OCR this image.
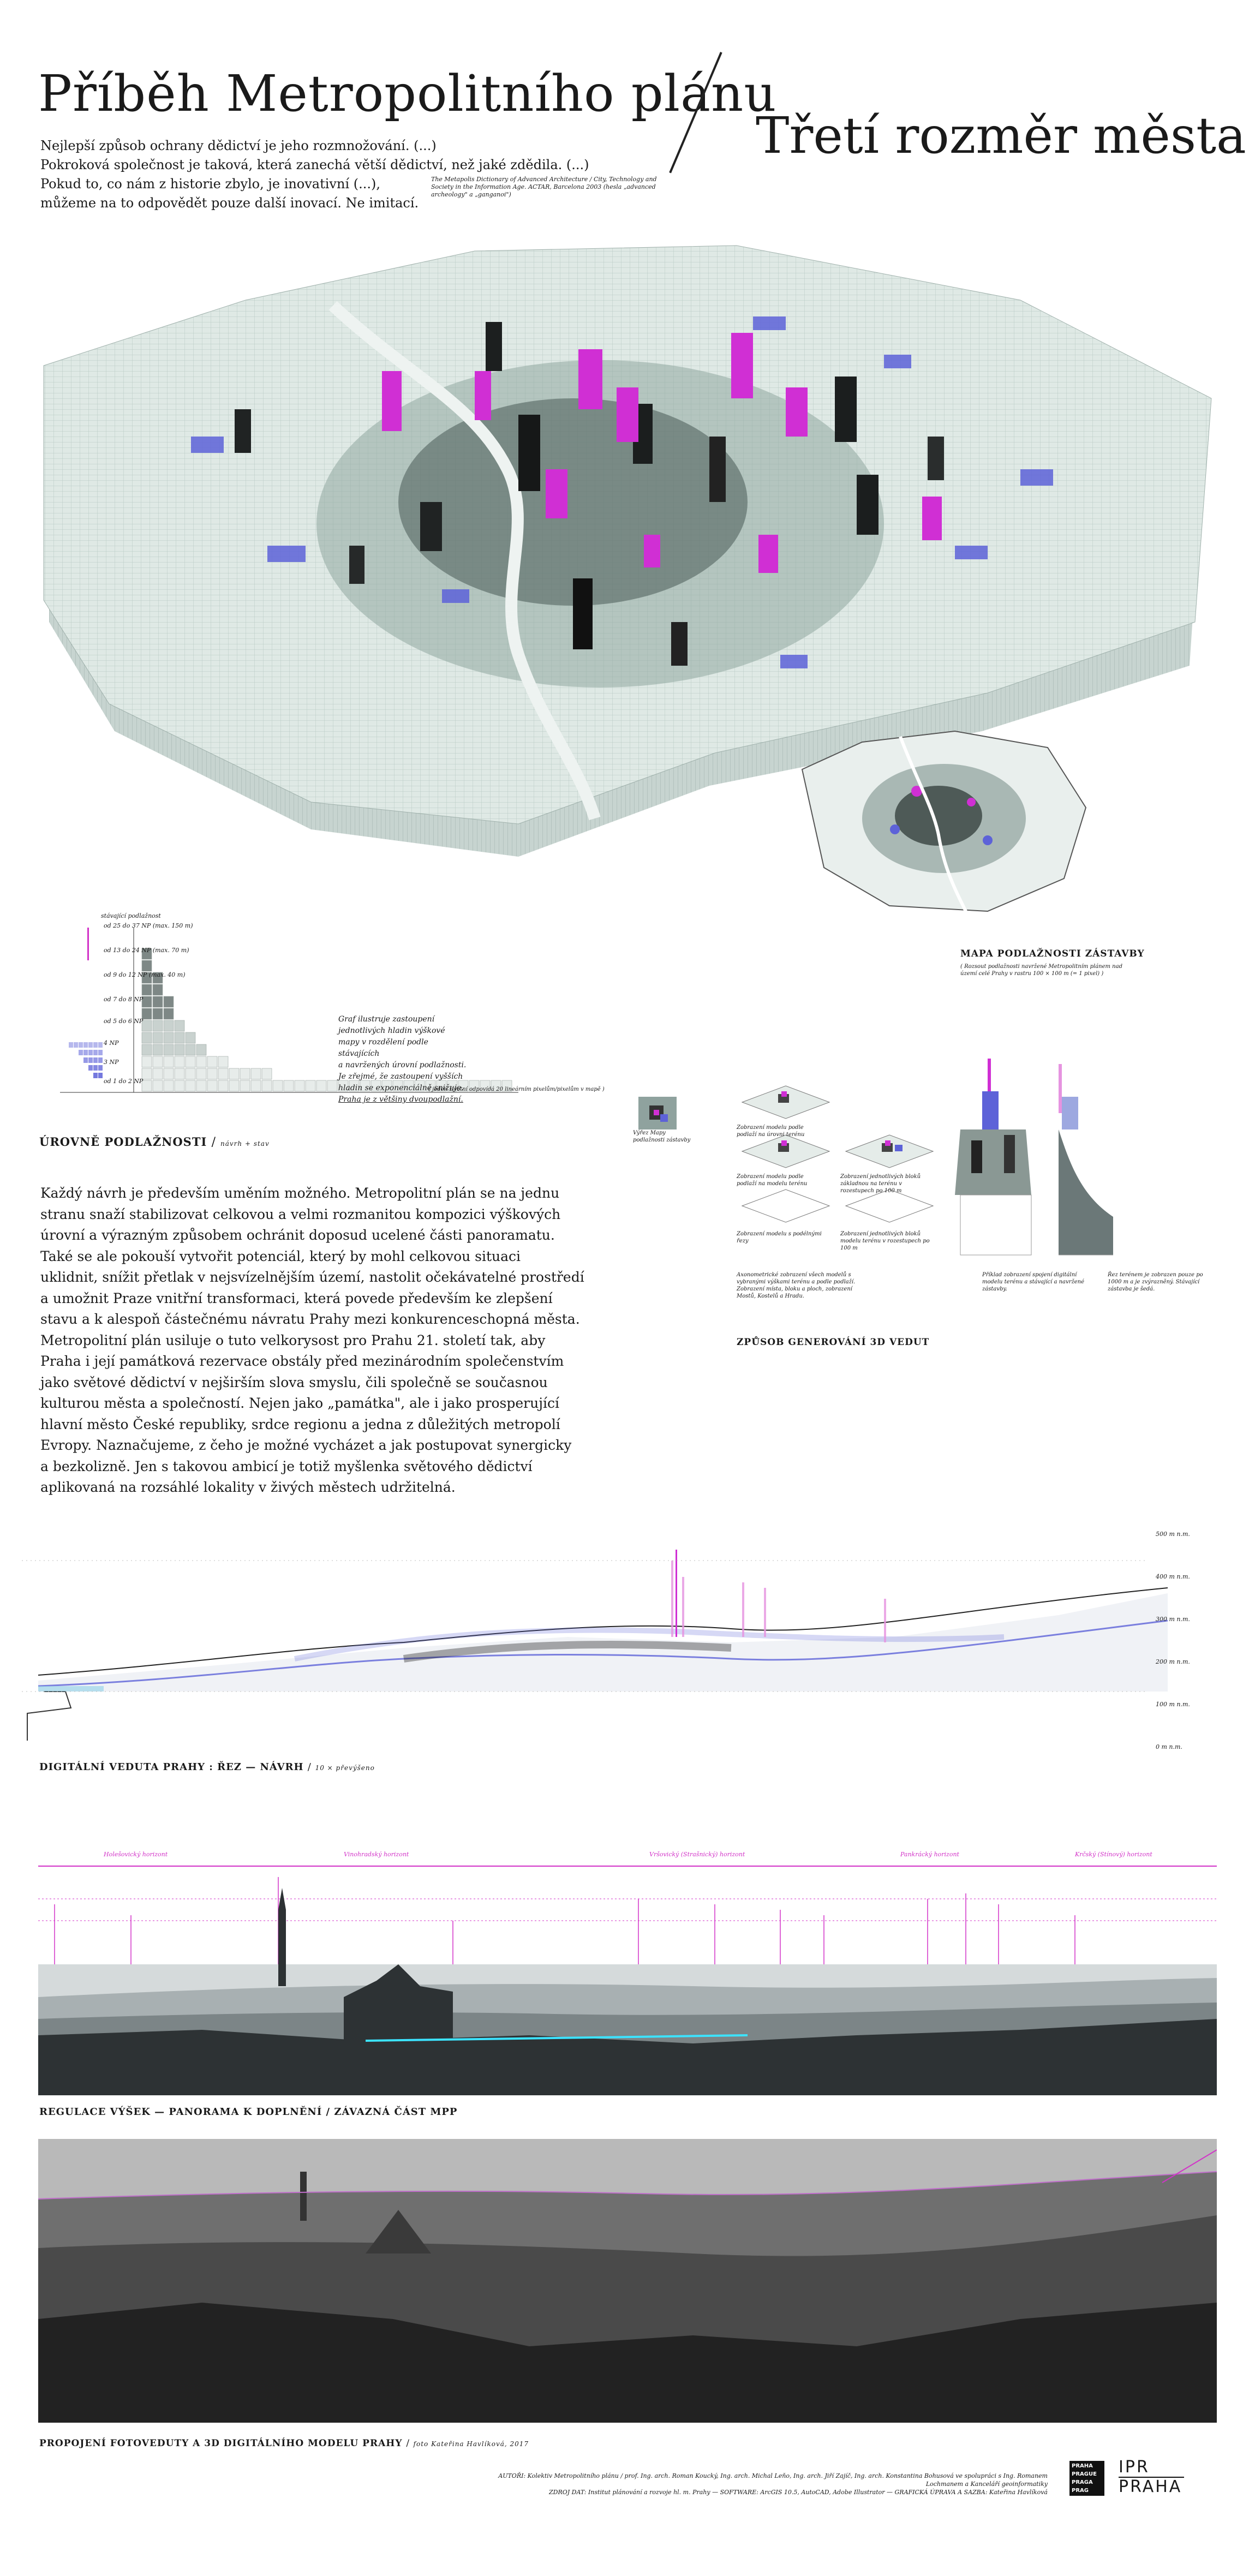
Příběh Metropolitního plánu
Třetí rozměr města
Nejlepší způsob ochrany dědictví je jeho rozmnožování. (...)
Pokroková společnost je taková, která zanechá větší dědictví, než jaké zdědila. (...)
Pokud to, co nám z historie zbylo, je inovativní (...),
můžeme na to odpovědět pouze další inovací. Ne imitací.
The Metapolis Dictionary of Advanced Architecture / City, Technology and Society in the Information Age. ACTAR, Barcelona 2003 (hesla „advanced archeology" a „ganganoi")
MAPA PODLAŽNOSTI ZÁSTAVBY
( Rozsout podlažnosti navržené Metropolitním plánem nad území celé Prahy v rastru 100 × 100 m (= 1 pixel) )
stávající podlažnost
od 25 do 37 NP (max. 150 m)
od 13 do 24 NP (max. 70 m)
od 9 do 12 NP (max. 40 m)
od 7 do 8 NP
od 5 do 6 NP
4 NP
3 NP
od 1 do 2 NP
Graf ilustruje zastoupení
jednotlivých hladin výškové
mapy v rozdělení podle stávajících
a navržených úrovní podlažnosti.
Je zřejmé, že zastoupení vyšších
hladin se exponenciálně snižuje.
Praha je z většiny dvoupodlažní.
( jeden životní odpovídá 20 lineárním pixelům/pixelům v mapě )
ÚROVNĚ PODLAŽNOSTI / návrh + stav
Výřez Mapy podlažnosti zástavby
Zobrazení modelu podle podlaží na úrovni terénu
Zobrazení modelu podle podlaží na modelu terénu
Zobrazení jednotlivých bloků základnou na terénu v rozestupech po 100 m
Zobrazení modelu s podélnými řezy
Zobrazení jednotlivých bloků modelu terénu v rozestupech po 100 m
Axonometrické zobrazení všech modelů s vybranými výškami terénu a podle podlaží. Zobrazení místa, bloku a ploch, zobrazení Mostů, Kostelů a Hradu.
Příklad zobrazení spojení digitální modelu terénu a stávající a navržené zástavby.
Řez terénem je zobrazen pouze po 1000 m a je zvýrazněný. Stávající zástavba je šedá.
ZPŮSOB GENEROVÁNÍ 3D VEDUT
Každý návrh je především uměním možného. Metropolitní plán se na jednu
stranu snaží stabilizovat celkovou a velmi rozmanitou kompozici výškových
úrovní a výrazným způsobem ochránit doposud ucelené části panoramatu.
Také se ale pokouší vytvořit potenciál, který by mohl celkovou situaci
uklidnit, snížit přetlak v nejsvízelnějším území, nastolit očekávatelné prostředí
a umožnit Praze vnitřní transformaci, která povede především ke zlepšení
stavu a k alespoň částečnému návratu Prahy mezi konkurenceschopná města.
Metropolitní plán usiluje o tuto velkorysost pro Prahu 21. století tak, aby
Praha i její památková rezervace obstály před mezinárodním společenstvím
jako světové dědictví v nejširším slova smyslu, čili společně se současnou
kulturou města a společností. Nejen jako „památka", ale i jako prosperující
hlavní město České republiky, srdce regionu a jedna z důležitých metropolí
Evropy. Naznačujeme, z čeho je možné vycházet a jak postupovat synergicky
a bezkolizně. Jen s takovou ambicí je totiž myšlenka světového dědictví
aplikovaná na rozsáhlé lokality v živých městech udržitelná.
500 m n.m.
400 m n.m.
300 m n.m.
200 m n.m.
100 m n.m.
0 m n.m.
DIGITÁLNÍ VEDUTA PRAHY : ŘEZ — NÁVRH / 10 × převýšeno
Holešovický horizont	Vinohradský horizont	Vršovický (Strašnický) horizont	Pankrácký horizont	Krčský (Stínový) horizont
REGULACE VÝŠEK — PANORAMA K DOPLNĚNÍ / ZÁVAZNÁ ČÁST MPP
PROPOJENÍ FOTOVEDUTY A 3D DIGITÁLNÍHO MODELU PRAHY / foto Kateřina Havlíková, 2017
AUTOŘI: Kolektiv Metropolitního plánu / prof. Ing. arch. Roman Koucký, Ing. arch. Michal Leňo, Ing. arch. Jiří Zajíč, Ing. arch. Konstantina Bohusová ve spolupráci s Ing. Romanem Lochmanem a Kanceláří geoinformatiky
ZDROJ DAT: Institut plánování a rozvoje hl. m. Prahy — SOFTWARE: ArcGIS 10.5, AutoCAD, Adobe Illustrator — GRAFICKÁ ÚPRAVA A SAZBA: Kateřina Havlíková
PRAHA
PRAGUE
PRAGA
PRAG
IPR
PRAHA
